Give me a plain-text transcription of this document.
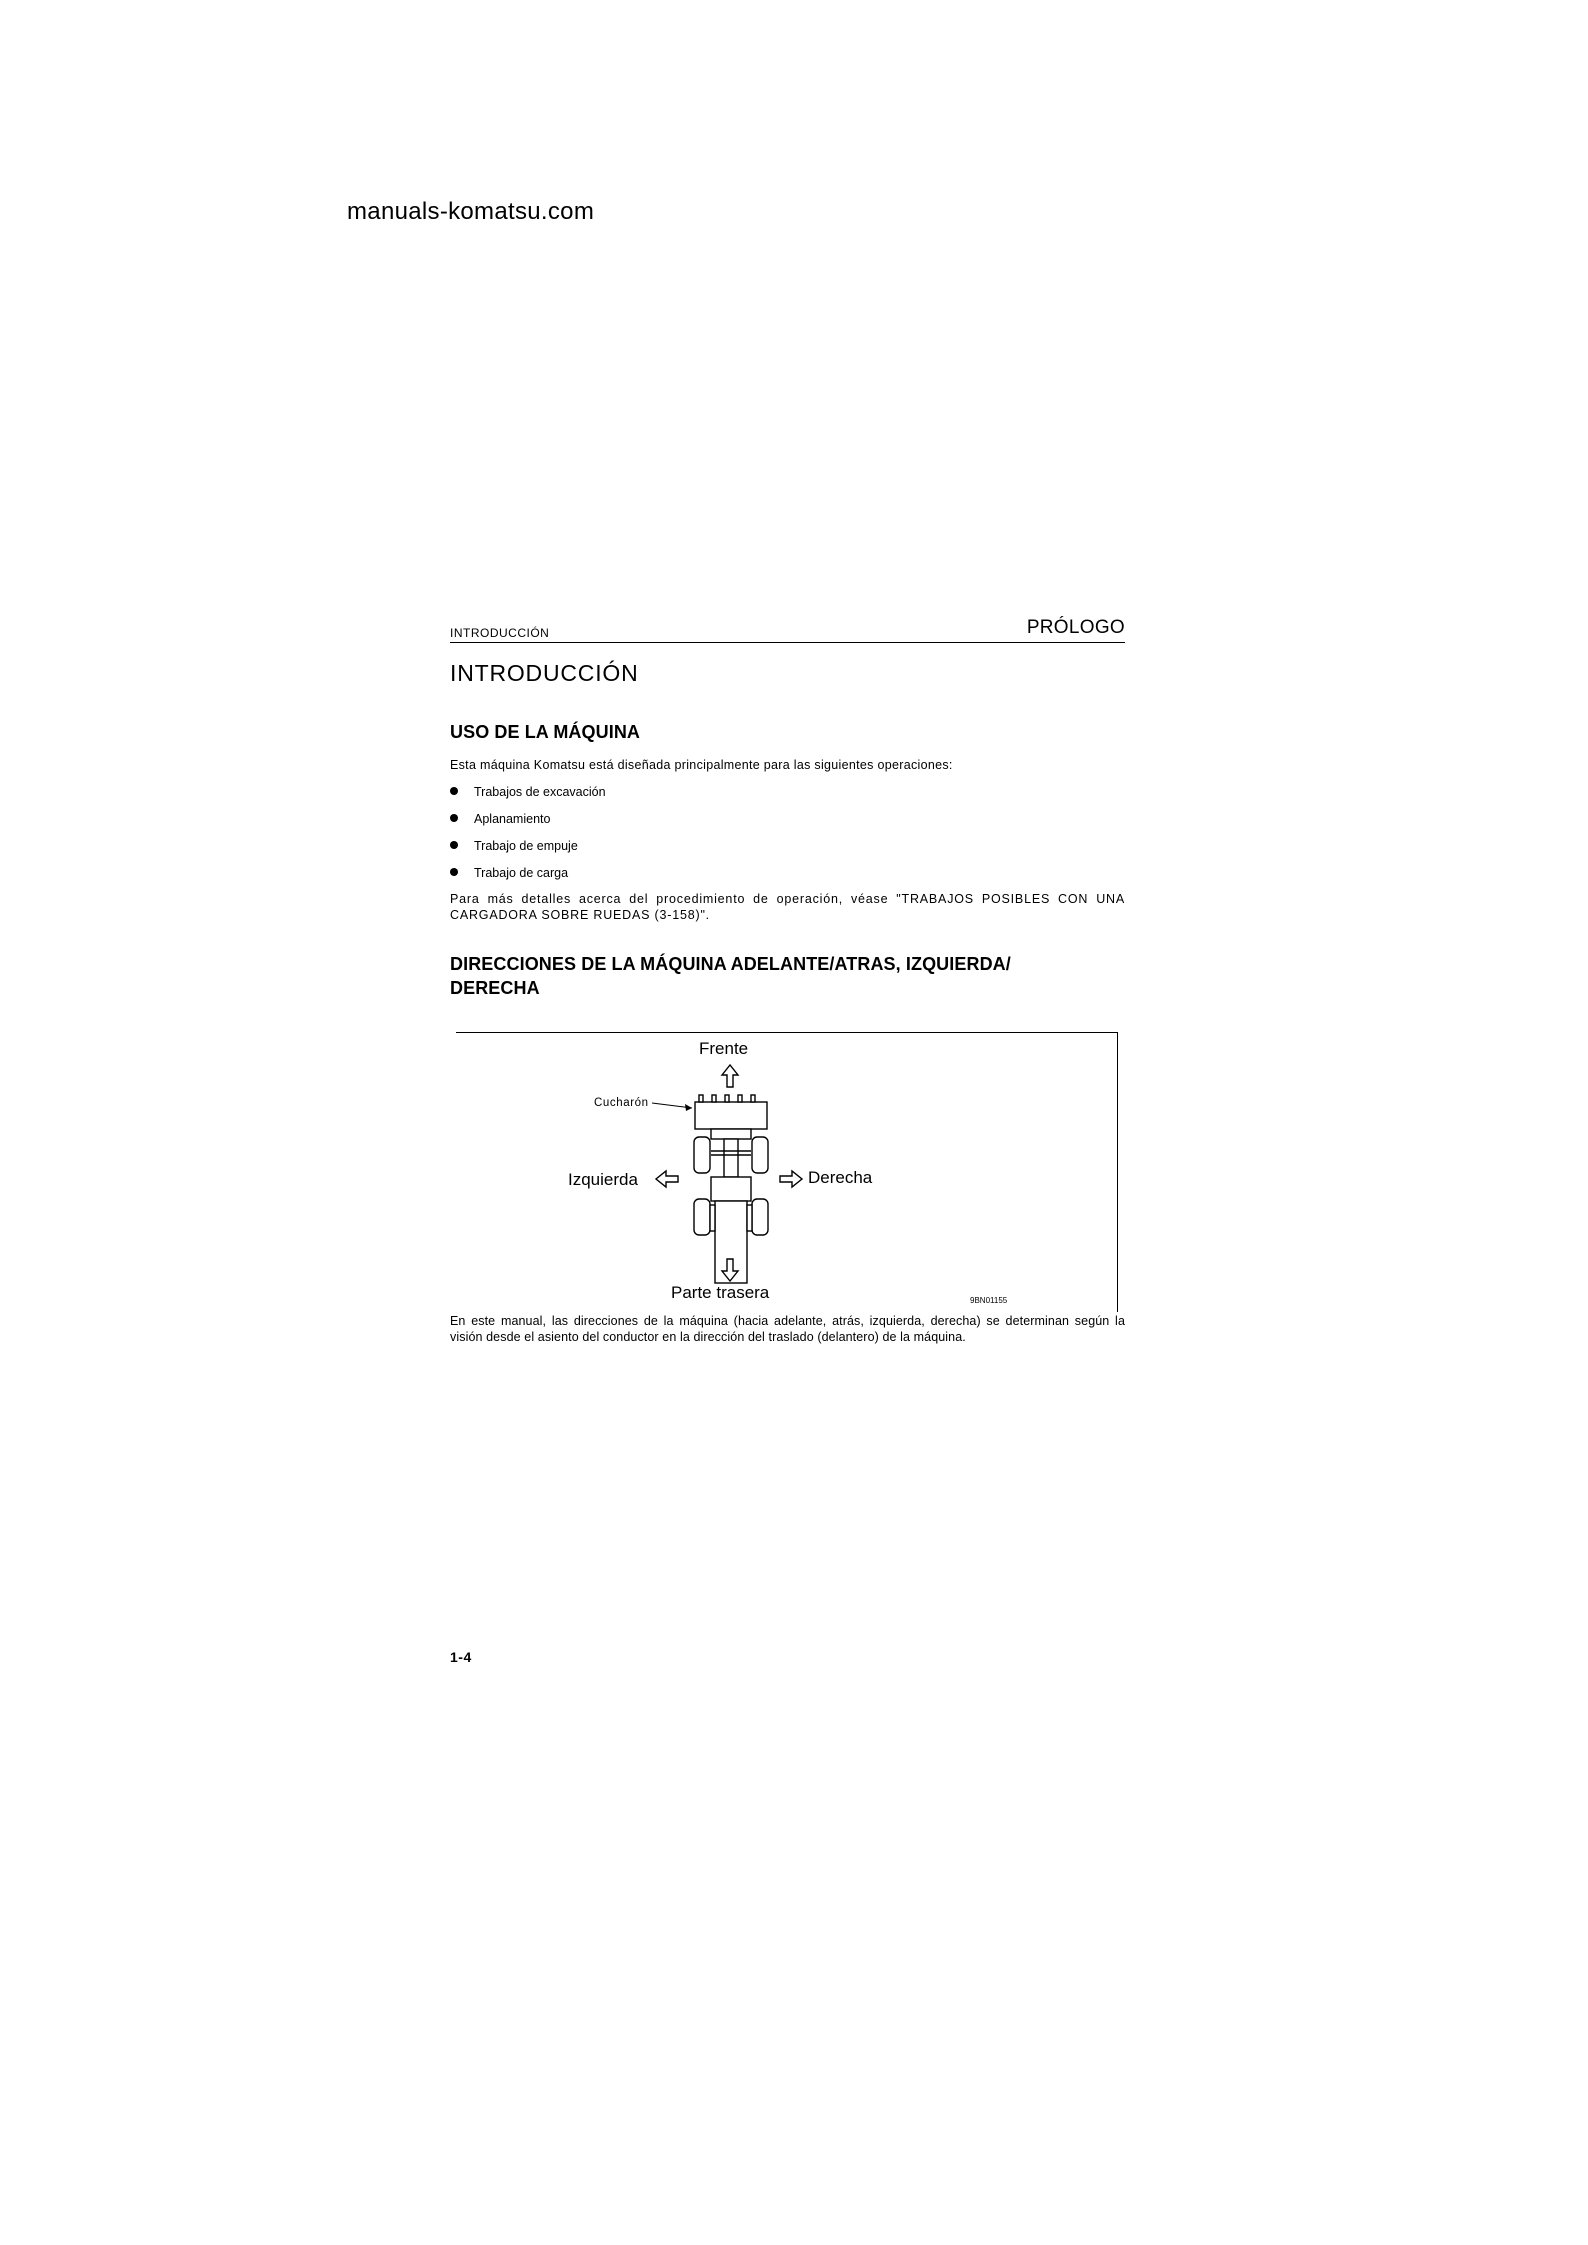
manuals-komatsu.com
INTRODUCCIÓN	PRÓLOGO
INTRODUCCIÓN
USO DE LA MÁQUINA

Esta máquina Komatsu está diseñada principalmente para las siguientes operaciones:

Trabajos de excavación
Aplanamiento
Trabajo de empuje
Trabajo de carga

Para más detalles acerca del procedimiento de operación, véase "TRABAJOS POSIBLES CON UNA CARGADORA SOBRE RUEDAS (3-158)".

DIRECCIONES DE LA MÁQUINA ADELANTE/ATRAS, IZQUIERDA/ DERECHA
Frente
Cucharón
Izquierda	Derecha
Parte trasera	9BN01155

En este manual, las direcciones de la máquina (hacia adelante, atrás, izquierda, derecha) se determinan según la visión desde el asiento del conductor en la dirección del traslado (delantero) de la máquina.

1-4
